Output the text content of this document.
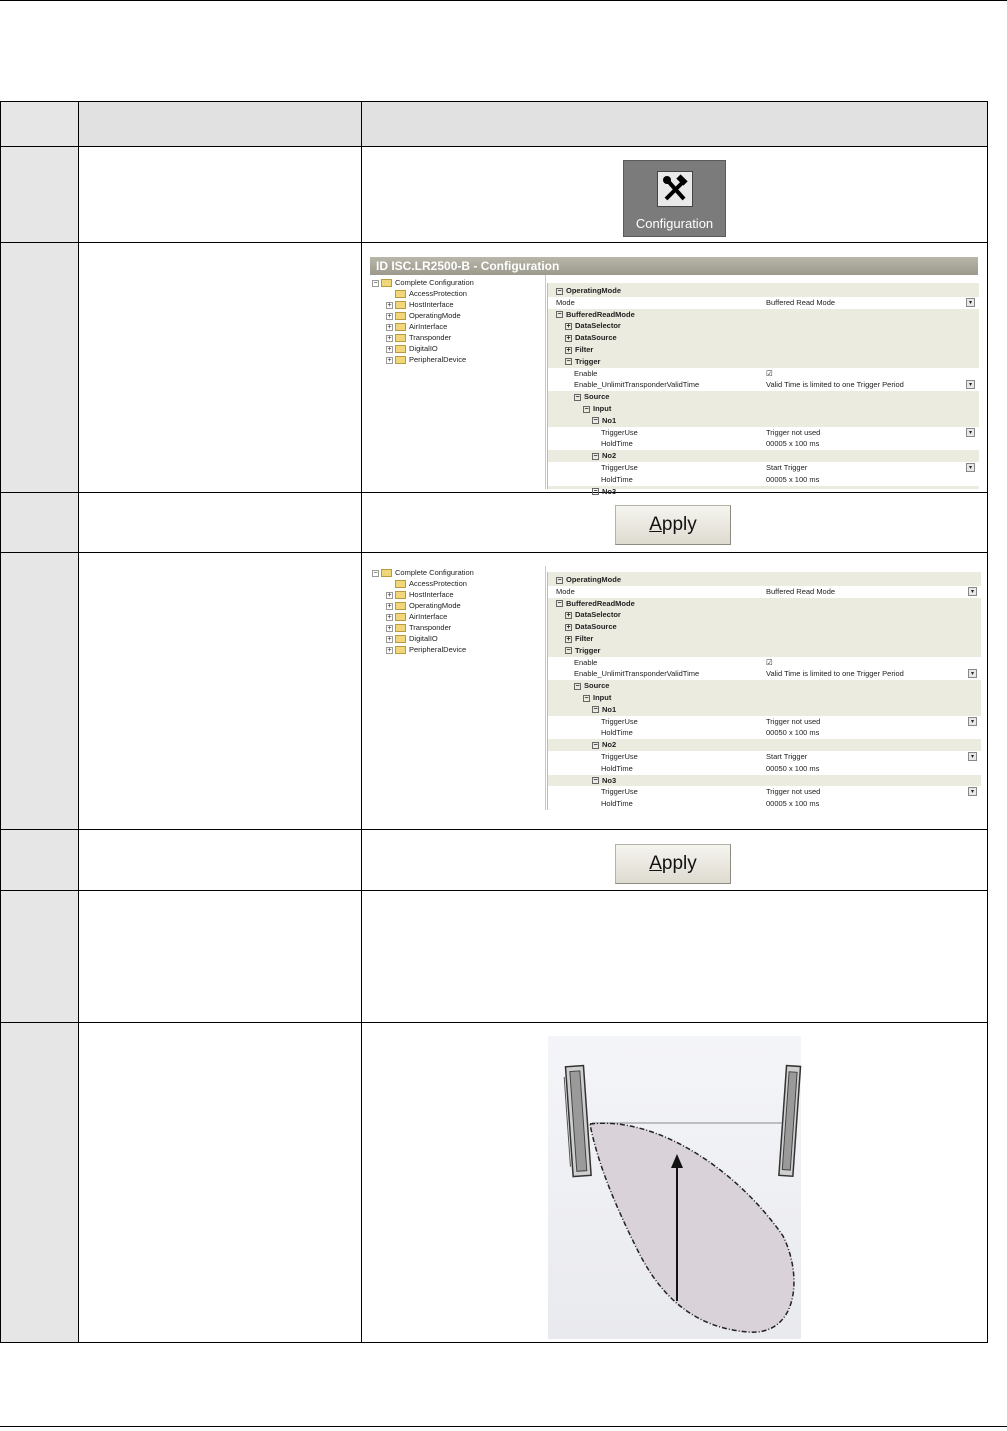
Configuration
ID ISC.LR2500-B - Configuration
− Complete Configuration
AccessProtection
+ HostInterface
+ OperatingMode
+ AirInterface
+ Transponder
+ DigitalIO
+ PeripheralDevice
− OperatingMode
Mode	Buffered Read Mode	▾
− BufferedReadMode
+ DataSelector
+ DataSource
+ Filter
− Trigger
Enable	☑
Enable_UnlimitTransponderValidTime	Valid Time is limited to one Trigger Period	▾
− Source
− Input
− No1
TriggerUse	Trigger not used	▾
HoldTime	00005 x 100 ms
− No2
TriggerUse	Start Trigger	▾
HoldTime	00005 x 100 ms
− No3
Apply
− Complete Configuration
AccessProtection
+ HostInterface
+ OperatingMode
+ AirInterface
+ Transponder
+ DigitalIO
+ PeripheralDevice
− OperatingMode
Mode	Buffered Read Mode	▾
− BufferedReadMode
+ DataSelector
+ DataSource
+ Filter
− Trigger
Enable	☑
Enable_UnlimitTransponderValidTime	Valid Time is limited to one Trigger Period	▾
− Source
− Input
− No1
TriggerUse	Trigger not used	▾
HoldTime	00050 x 100 ms
− No2
TriggerUse	Start Trigger	▾
HoldTime	00050 x 100 ms
− No3
TriggerUse	Trigger not used	▾
HoldTime	00005 x 100 ms
Apply
